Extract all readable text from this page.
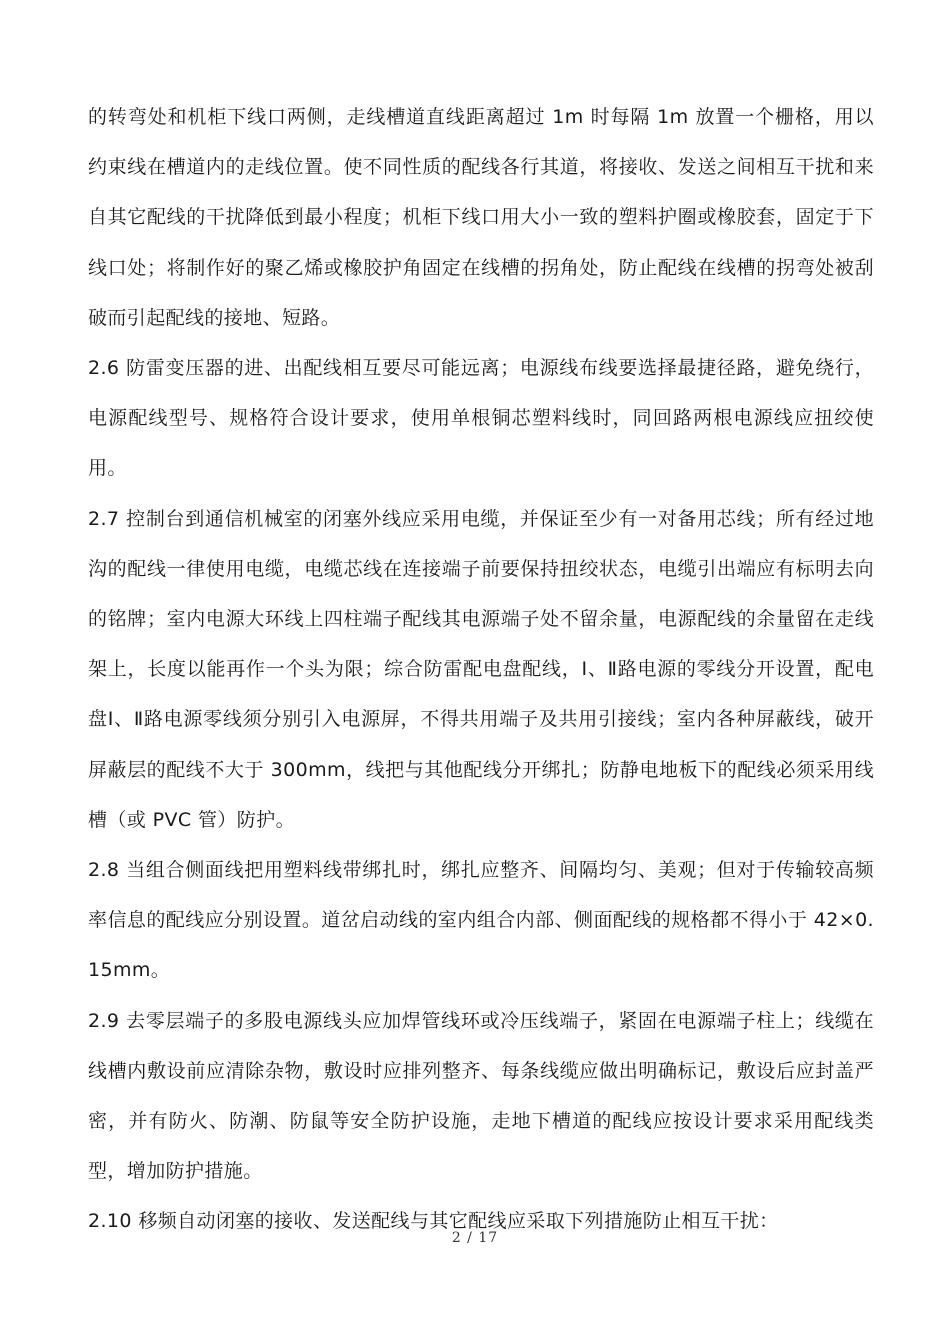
的转弯处和机柜下线口两侧，走线槽道直线距离超过 1m 时每隔 1m 放置一个栅格，用以约束线在槽道内的走线位置。使不同性质的配线各行其道，将接收、发送之间相互干扰和来自其它配线的干扰降低到最小程度；机柜下线口用大小一致的塑料护圈或橡胶套，固定于下线口处；将制作好的聚乙烯或橡胶护角固定在线槽的拐角处，防止配线在线槽的拐弯处被刮破而引起配线的接地、短路。

2.6 防雷变压器的进、出配线相互要尽可能远离；电源线布线要选择最捷径路，避免绕行，电源配线型号、规格符合设计要求，使用单根铜芯塑料线时，同回路两根电源线应扭绞使用。

2.7 控制台到通信机械室的闭塞外线应采用电缆，并保证至少有一对备用芯线；所有经过地沟的配线一律使用电缆，电缆芯线在连接端子前要保持扭绞状态，电缆引出端应有标明去向的铭牌；室内电源大环线上四柱端子配线其电源端子处不留余量，电源配线的余量留在走线架上，长度以能再作一个头为限；综合防雷配电盘配线，Ⅰ、Ⅱ路电源的零线分开设置，配电盘Ⅰ、Ⅱ路电源零线须分别引入电源屏，不得共用端子及共用引接线；室内各种屏蔽线，破开屏蔽层的配线不大于 300mm，线把与其他配线分开绑扎；防静电地板下的配线必须采用线槽（或 PVC 管）防护。

2.8 当组合侧面线把用塑料线带绑扎时，绑扎应整齐、间隔均匀、美观；但对于传输较高频率信息的配线应分别设置。道岔启动线的室内组合内部、侧面配线的规格都不得小于 42×0.15mm。

2.9 去零层端子的多股电源线头应加焊管线环或冷压线端子，紧固在电源端子柱上；线缆在线槽内敷设前应清除杂物，敷设时应排列整齐、每条线缆应做出明确标记，敷设后应封盖严密，并有防火、防潮、防鼠等安全防护设施，走地下槽道的配线应按设计要求采用配线类型，增加防护措施。

2.10 移频自动闭塞的接收、发送配线与其它配线应采取下列措施防止相互干扰：

2 / 17
